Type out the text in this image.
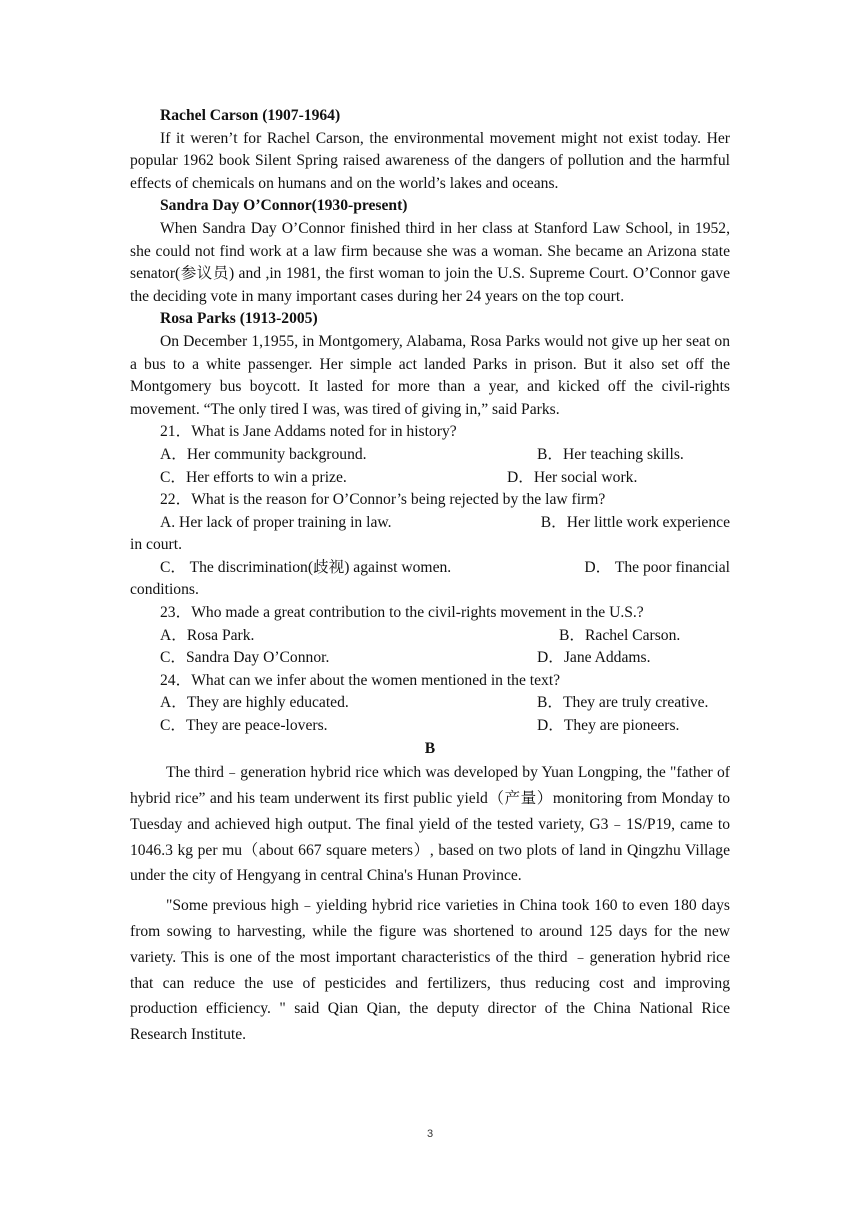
Rachel Carson (1907-1964)

If it weren’t for Rachel Carson, the environmental movement might not exist today. Her popular 1962 book Silent Spring raised awareness of the dangers of pollution and the harmful effects of chemicals on humans and on the world’s lakes and oceans.

Sandra Day O’Connor(1930-present)

When Sandra Day O’Connor finished third in her class at Stanford Law School, in 1952, she could not find work at a law firm because she was a woman. She became an Arizona state senator(参议员) and ,in 1981, the first woman to join the U.S. Supreme Court. O’Connor gave the deciding vote in many important cases during her 24 years on the top court.

Rosa Parks (1913-2005)

On December 1,1955, in Montgomery, Alabama, Rosa Parks would not give up her seat on a bus to a white passenger. Her simple act landed Parks in prison. But it also set off the Montgomery bus boycott. It lasted for more than a year, and kicked off the civil-rights movement. “The only tired I was, was tired of giving in,” said Parks.

21．What is Jane Addams noted for in history?

A．Her community background.	B．Her teaching skills.
C．Her efforts to win a prize.	D．Her social work.

22．What is the reason for O’Connor’s being rejected by the law firm?

A. Her lack of proper training in law.	B．Her little work experience
in court.
C． The discrimination(歧视) against women.	D． The poor financial
conditions.

23．Who made a great contribution to the civil-rights movement in the U.S.?

A．Rosa Park.	B．Rachel Carson.
C．Sandra Day O’Connor.	D．Jane Addams.

24．What can we infer about the women mentioned in the text?

A．They are highly educated.	B．They are truly creative.
C．They are peace-lovers.	D．They are pioneers.

B

The third﹣generation hybrid rice which was developed by Yuan Longping, the "father of hybrid rice” and his team underwent its first public yield（产量）monitoring from Monday to Tuesday and achieved high output. The final yield of the tested variety, G3﹣1S/P19, came to 1046.3 kg per mu（about 667 square meters）, based on two plots of land in Qingzhu Village under the city of Hengyang in central China's Hunan Province.

"Some previous high﹣yielding hybrid rice varieties in China took 160 to even 180 days from sowing to harvesting, while the figure was shortened to around 125 days for the new variety. This is one of the most important characteristics of the third ﹣generation hybrid rice that can reduce the use of pesticides and fertilizers, thus reducing cost and improving production efficiency. " said Qian Qian, the deputy director of the China National Rice Research Institute.

3
